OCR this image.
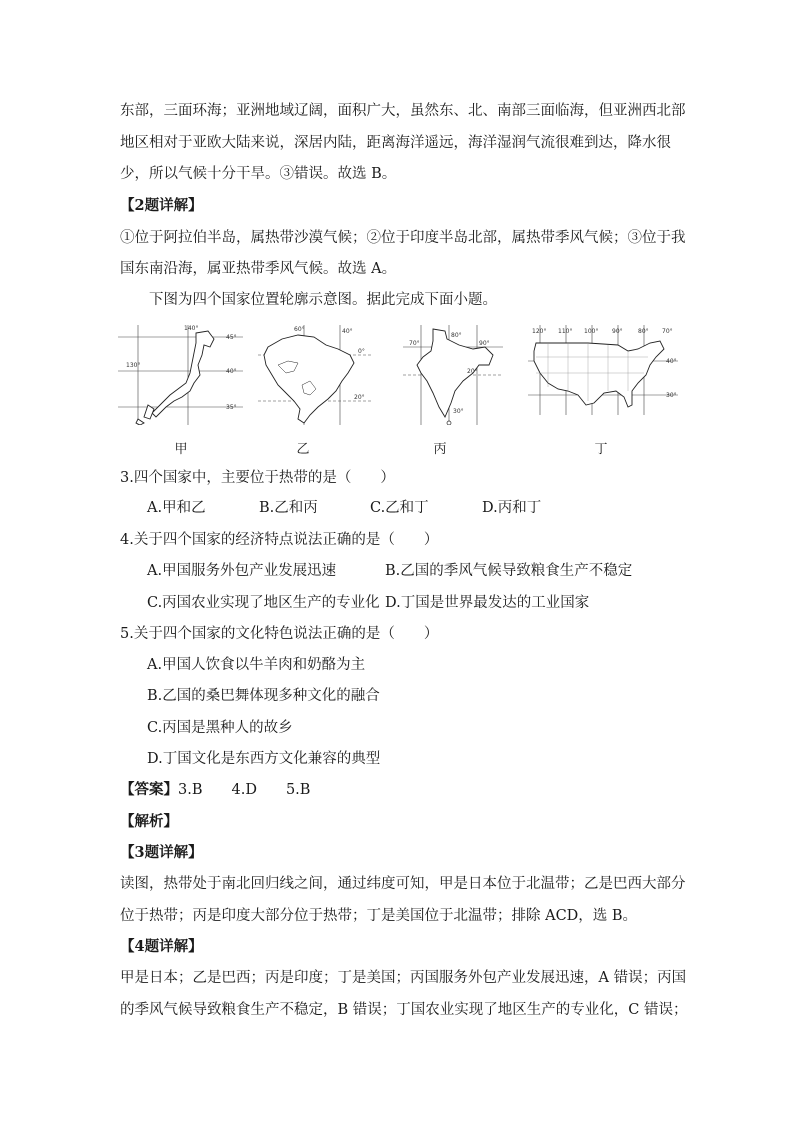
东部，三面环海；亚洲地域辽阔，面积广大，虽然东、北、南部三面临海，但亚洲西北部
地区相对于亚欧大陆来说，深居内陆，距离海洋遥远，海洋湿润气流很难到达，降水很
少，所以气候十分干旱。③错误。故选 B。
【2题详解】
①位于阿拉伯半岛，属热带沙漠气候；②位于印度半岛北部，属热带季风气候；③位于我
国东南沿海，属亚热带季风气候。故选 A。
下图为四个国家位置轮廓示意图。据此完成下面小题。
140°
45°
130°
40°
35°
60°	40°
0°
20°
70°
80°
90°
20°
30°
120° 110° 100° 90°	80° 70°
40°
30°
甲	乙	丙	丁
3.四个国家中，主要位于热带的是（　　）
A.甲和乙	B.乙和丙	C.乙和丁	D.丙和丁
4.关于四个国家的经济特点说法正确的是（　　）
A.甲国服务外包产业发展迅速	B.乙国的季风气候导致粮食生产不稳定
C.丙国农业实现了地区生产的专业化 D.丁国是世界最发达的工业国家
5.关于四个国家的文化特色说法正确的是（　　）
A.甲国人饮食以牛羊肉和奶酪为主
B.乙国的桑巴舞体现多种文化的融合
C.丙国是黑种人的故乡
D.丁国文化是东西方文化兼容的典型
【答案】3.B　　4.D　　5.B
【解析】
【3题详解】
读图，热带处于南北回归线之间，通过纬度可知，甲是日本位于北温带；乙是巴西大部分
位于热带；丙是印度大部分位于热带；丁是美国位于北温带；排除 ACD，选 B。
【4题详解】
甲是日本；乙是巴西；丙是印度；丁是美国；丙国服务外包产业发展迅速，A 错误；丙国
的季风气候导致粮食生产不稳定，B 错误；丁国农业实现了地区生产的专业化，C 错误；
